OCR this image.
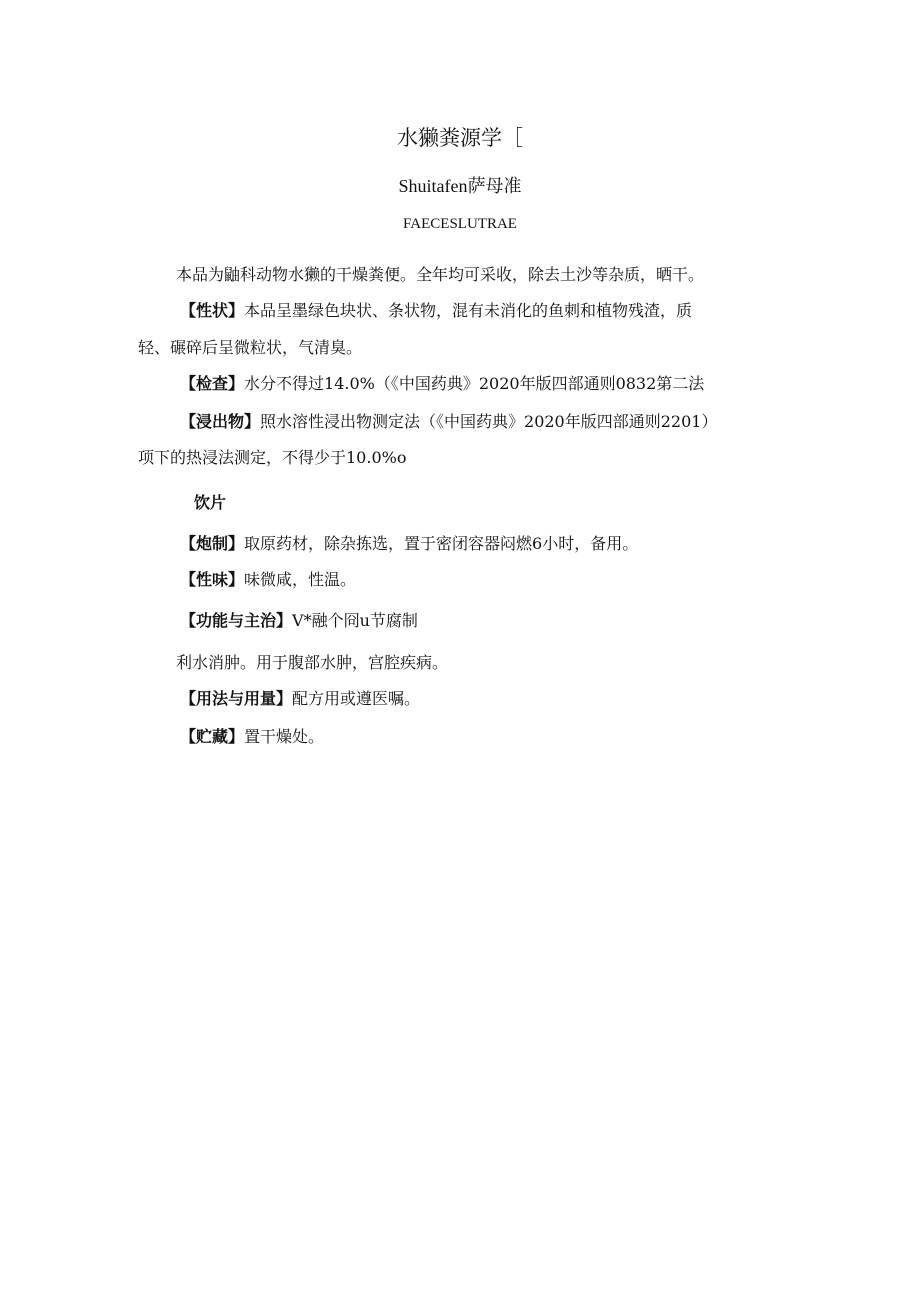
水獭粪源学［
Shuitafen萨母准
FAECESLUTRAE
本品为鼬科动物水獭的干燥粪便。全年均可采收，除去土沙等杂质，晒干。
【性状】本品呈墨绿色块状、条状物，混有未消化的鱼刺和植物残渣，质
轻、碾碎后呈微粒状，气清臭。
【检查】水分不得过14.0%（《中国药典》2020年版四部通则0832第二法
【浸出物】照水溶性浸出物测定法（《中国药典》2020年版四部通则2201）
项下的热浸法测定，不得少于10.0%o
饮片
【炮制】取原药材，除杂拣选，置于密闭容器闷燃6小时，备用。
【性味】味微咸，性温。
【功能与主治】V*融个冏u节腐制
利水消肿。用于腹部水肿，宫腔疾病。
【用法与用量】配方用或遵医嘱。
【贮藏】置干燥处。
